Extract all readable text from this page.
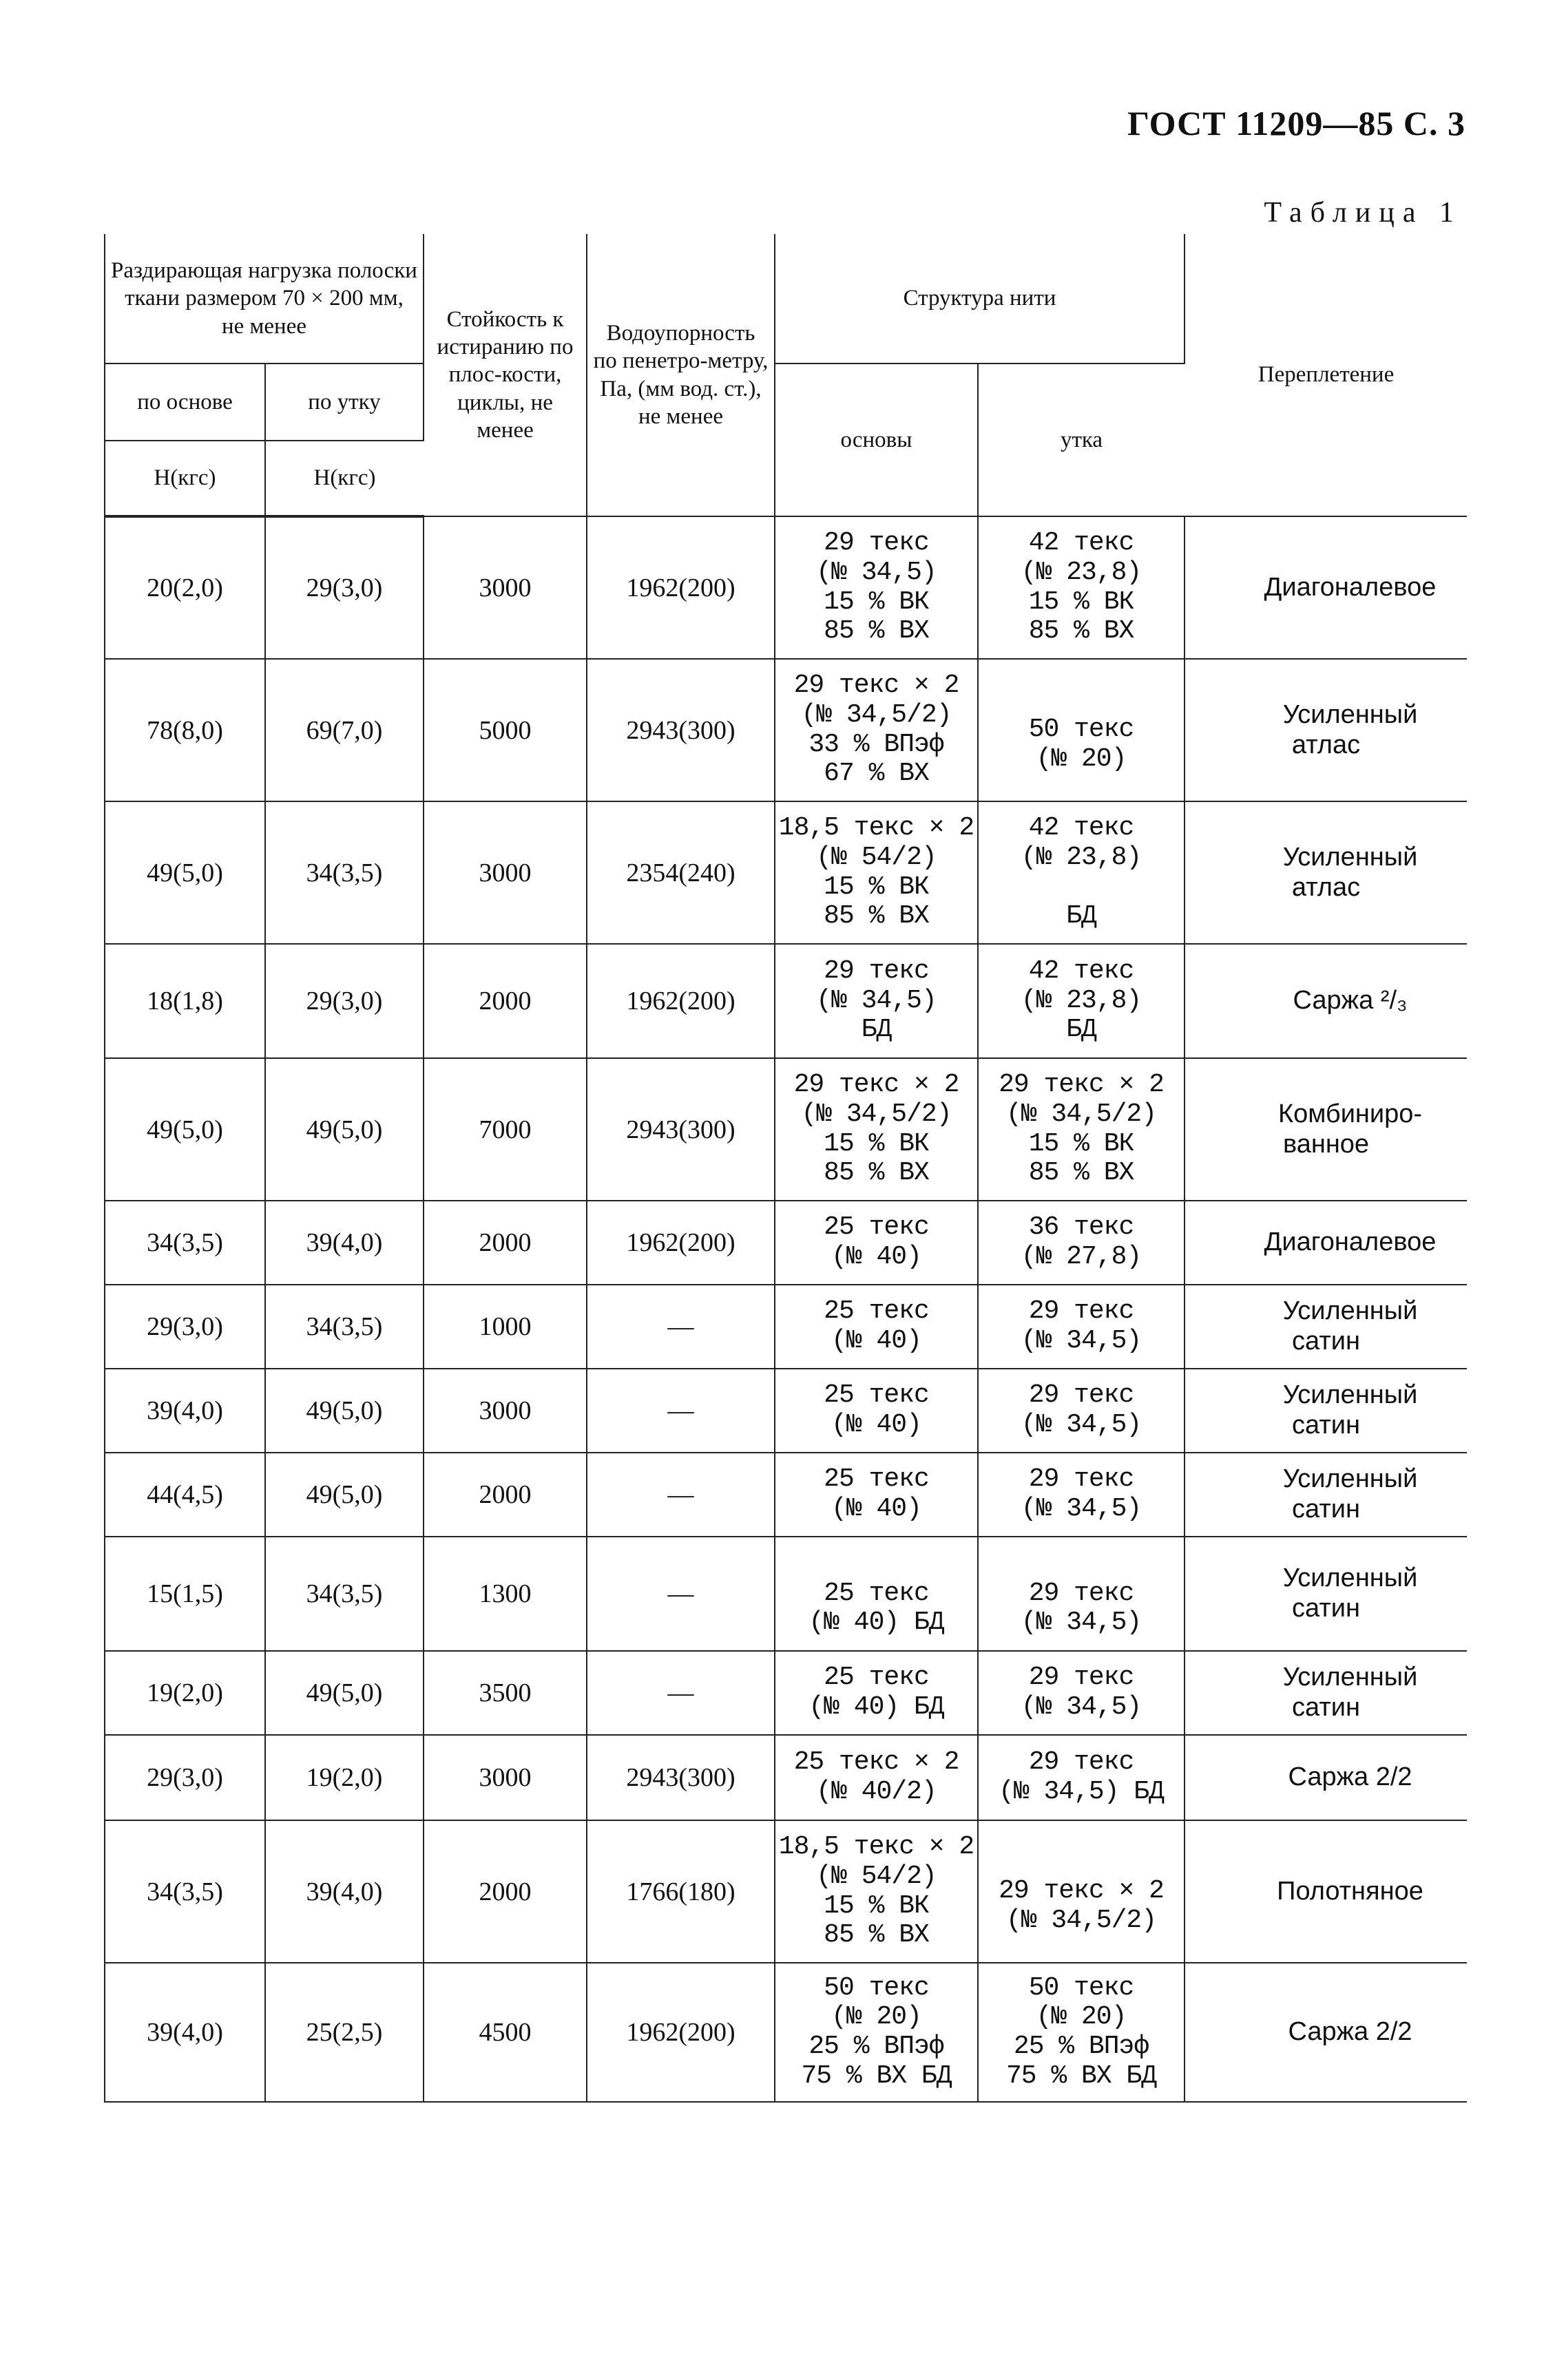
ГОСТ 11209—85 С. 3
Таблица 1
	Раздирающая нагрузка полоски ткани размером 70 × 200 мм, не менее		Стойкость к истиранию по плос-кости, циклы, не менее	Водоупорность по пенетро-метру, Па, (мм вод. ст.), не менее	Структура нити		Переплетение
	по основе	по утку			основы	утка	
	Н(кгс)	Н(кгс)					
	20(2,0)	29(3,0)	3000	1962(200)	29 текс
(№ 34,5)
15 % ВК
85 % ВХ	42 текс
(№ 23,8)
15 % ВК
85 % ВХ	Диагоналевое

	78(8,0)	69(7,0)	5000	2943(300)	29 текс × 2
(№ 34,5/2)
33 % ВПэф
67 % ВХ	50 текс
(№ 20)	Усиленный
атлас

	49(5,0)	34(3,5)	3000	2354(240)	18,5 текс × 2
(№ 54/2)
15 % ВК
85 % ВХ	42 текс
(№ 23,8)

БД	Усиленный
атлас

	18(1,8)	29(3,0)	2000	1962(200)	29 текс
(№ 34,5)
БД	42 текс
(№ 23,8)
БД	Саржа ²/₃

	49(5,0)	49(5,0)	7000	2943(300)	29 текс × 2
(№ 34,5/2)
15 % ВК
85 % ВХ	29 текс × 2
(№ 34,5/2)
15 % ВК
85 % ВХ	Комбиниро-
ванное

	34(3,5)	39(4,0)	2000	1962(200)	25 текс
(№ 40)	36 текс
(№ 27,8)	Диагоналевое

	29(3,0)	34(3,5)	1000	—	25 текс
(№ 40)	29 текс
(№ 34,5)	Усиленный
сатин

	39(4,0)	49(5,0)	3000	—	25 текс
(№ 40)	29 текс
(№ 34,5)	Усиленный
сатин

	44(4,5)	49(5,0)	2000	—	25 текс
(№ 40)	29 текс
(№ 34,5)	Усиленный
сатин

	15(1,5)	34(3,5)	1300	—	25 текс
(№ 40) БД	29 текс
(№ 34,5)	Усиленный
сатин

	19(2,0)	49(5,0)	3500	—	25 текс
(№ 40) БД	29 текс
(№ 34,5)	Усиленный
сатин

	29(3,0)	19(2,0)	3000	2943(300)	25 текс × 2
(№ 40/2)	29 текс
(№ 34,5) БД	Саржа 2/2

	34(3,5)	39(4,0)	2000	1766(180)	18,5 текс × 2
(№ 54/2)
15 % ВК
85 % ВХ	29 текс × 2
(№ 34,5/2)	Полотняное

	39(4,0)	25(2,5)	4500	1962(200)	50 текс
(№ 20)
25 % ВПэф
75 % ВХ БД	50 текс
(№ 20)
25 % ВПэф
75 % ВХ БД	Саржа 2/2
